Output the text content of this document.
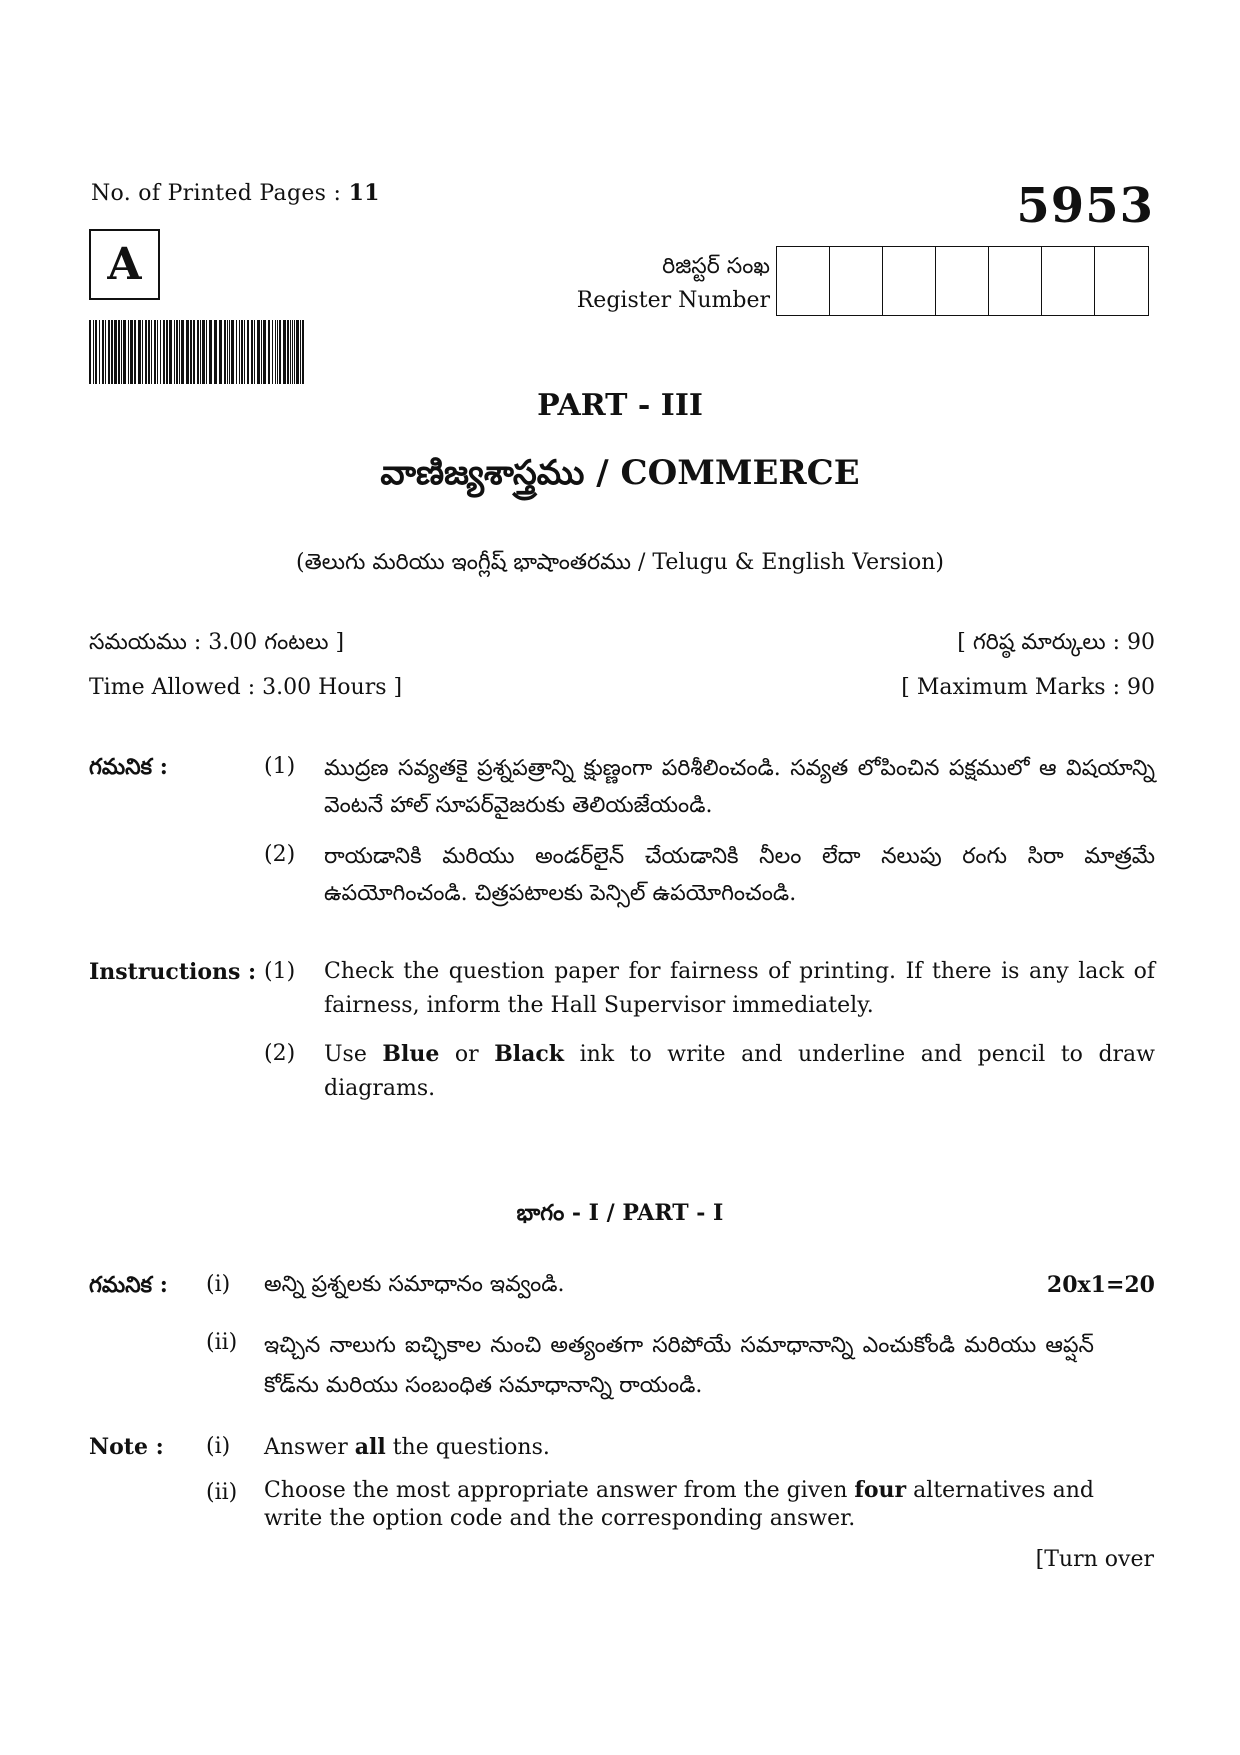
No. of Printed Pages : 11	5953
A	రిజిస్టర్ సంఖ
Register Number
PART - III
వాణిజ్యశాస్త్రము / COMMERCE
(తెలుగు మరియు ఇంగ్లీష్ భాషాంతరము / Telugu & English Version)
సమయము : 3.00 గంటలు ]	[ గరిష్ఠ మార్కులు : 90
Time Allowed : 3.00 Hours ]	[ Maximum Marks : 90
గమనిక :	(1) ముద్రణ సవ్యతకై ప్రశ్నపత్రాన్ని క్షుణ్ణంగా పరిశీలించండి. సవ్యత లోపించిన పక్షములో ఆ విషయాన్ని వెంటనే హాల్ సూపర్‌వైజరుకు తెలియజేయండి.
(2) రాయడానికి మరియు అండర్‌లైన్ చేయడానికి నీలం లేదా నలుపు రంగు సిరా మాత్రమే ఉపయోగించండి. చిత్రపటాలకు పెన్సిల్ ఉపయోగించండి.
Instructions : (1) Check the question paper for fairness of printing. If there is any lack of fairness, inform the Hall Supervisor immediately.
(2) Use Blue or Black ink to write and underline and pencil to draw diagrams.
భాగం - I / PART - I
గమనిక : (i) అన్ని ప్రశ్నలకు సమాధానం ఇవ్వండి.	20x1=20
(ii) ఇచ్చిన నాలుగు ఐచ్ఛికాల నుంచి అత్యంతగా సరిపోయే సమాధానాన్ని ఎంచుకోండి మరియు ఆప్షన్ కోడ్‌ను మరియు సంబంధిత సమాధానాన్ని రాయండి.
Note : (i) Answer all the questions.
(ii) Choose the most appropriate answer from the given four alternatives and write the option code and the corresponding answer.
[Turn over
